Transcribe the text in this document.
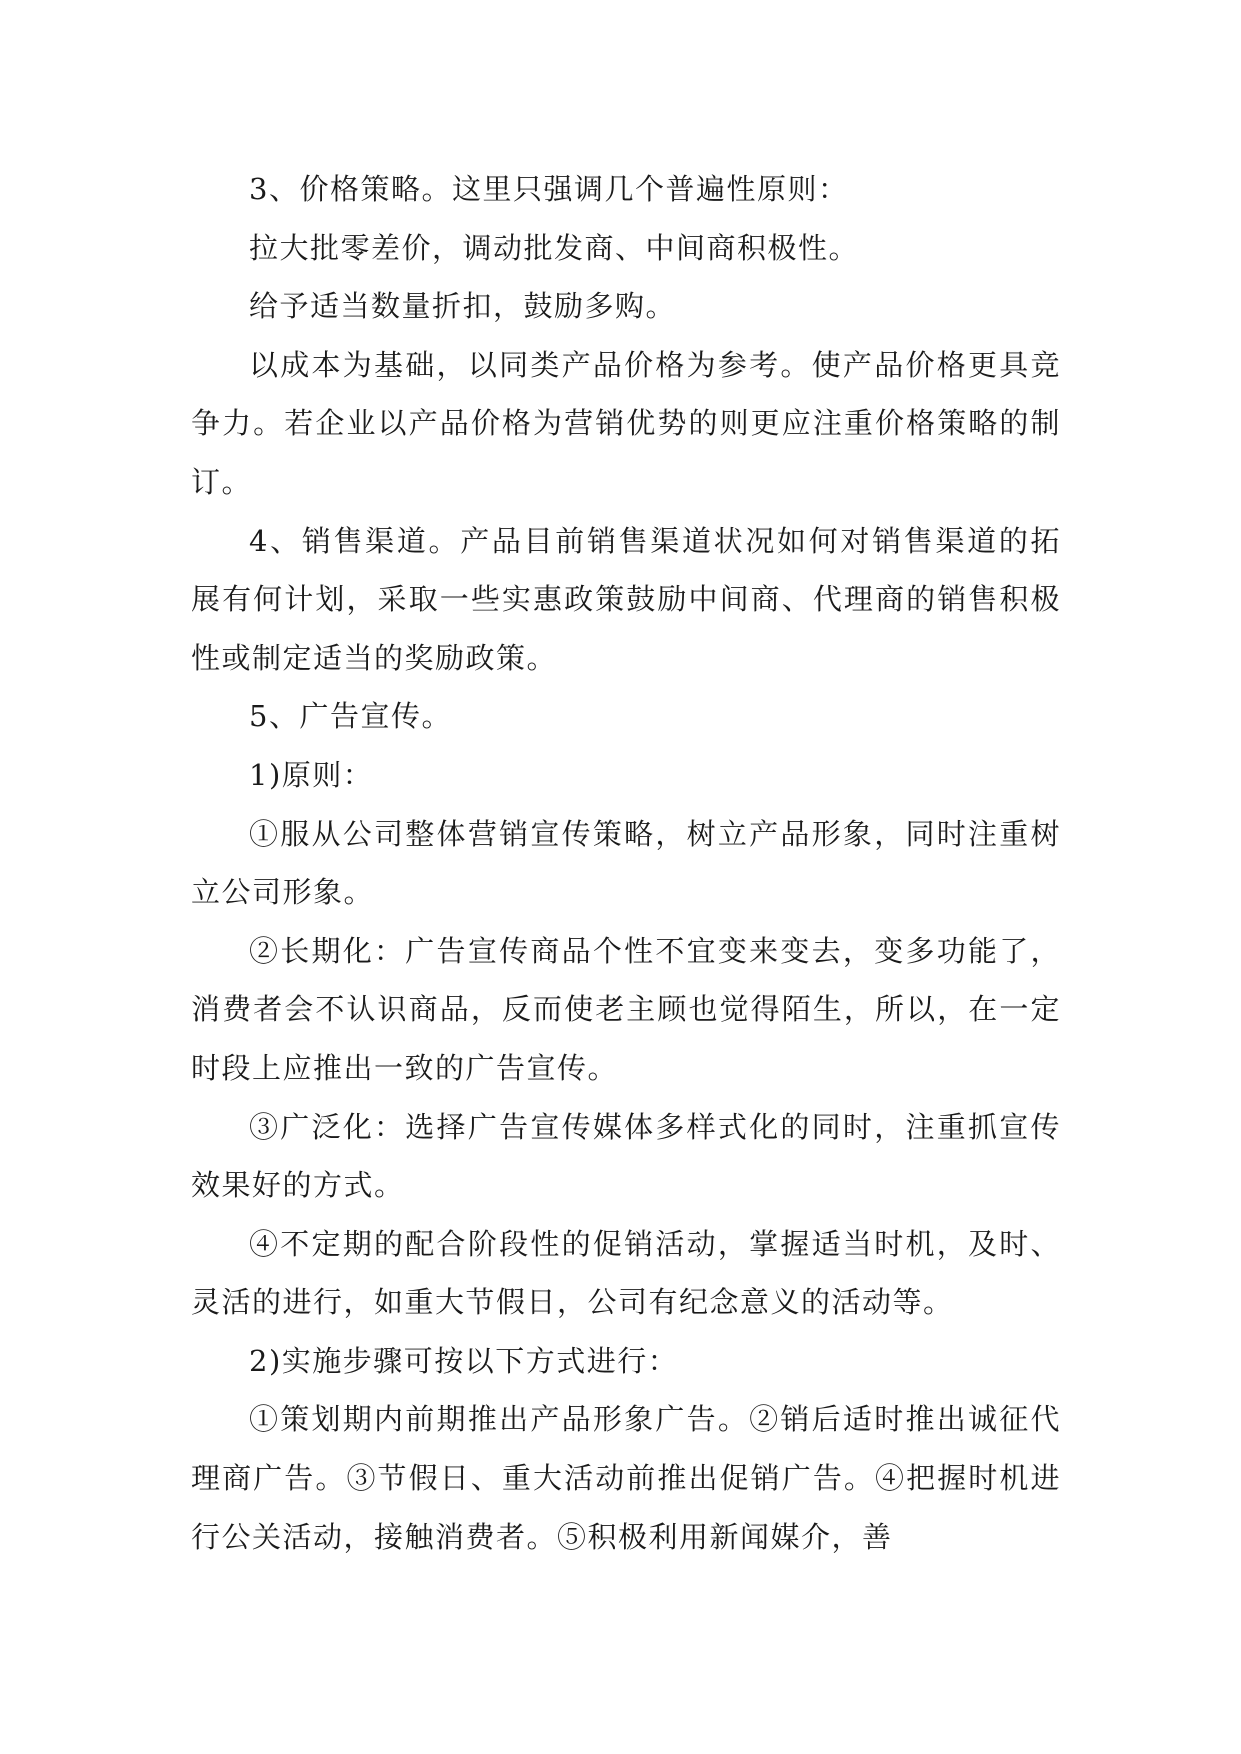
3、价格策略。这里只强调几个普遍性原则：

拉大批零差价，调动批发商、中间商积极性。

给予适当数量折扣，鼓励多购。

以成本为基础，以同类产品价格为参考。使产品价格更具竞争力。若企业以产品价格为营销优势的则更应注重价格策略的制订。

4、销售渠道。产品目前销售渠道状况如何对销售渠道的拓展有何计划，采取一些实惠政策鼓励中间商、代理商的销售积极性或制定适当的奖励政策。

5、广告宣传。

1)原则：

①服从公司整体营销宣传策略，树立产品形象，同时注重树立公司形象。

②长期化：广告宣传商品个性不宜变来变去，变多功能了，消费者会不认识商品，反而使老主顾也觉得陌生，所以，在一定时段上应推出一致的广告宣传。

③广泛化：选择广告宣传媒体多样式化的同时，注重抓宣传效果好的方式。

④不定期的配合阶段性的促销活动，掌握适当时机，及时、灵活的进行，如重大节假日，公司有纪念意义的活动等。

2)实施步骤可按以下方式进行：

①策划期内前期推出产品形象广告。②销后适时推出诚征代理商广告。③节假日、重大活动前推出促销广告。④把握时机进行公关活动，接触消费者。⑤积极利用新闻媒介，善
